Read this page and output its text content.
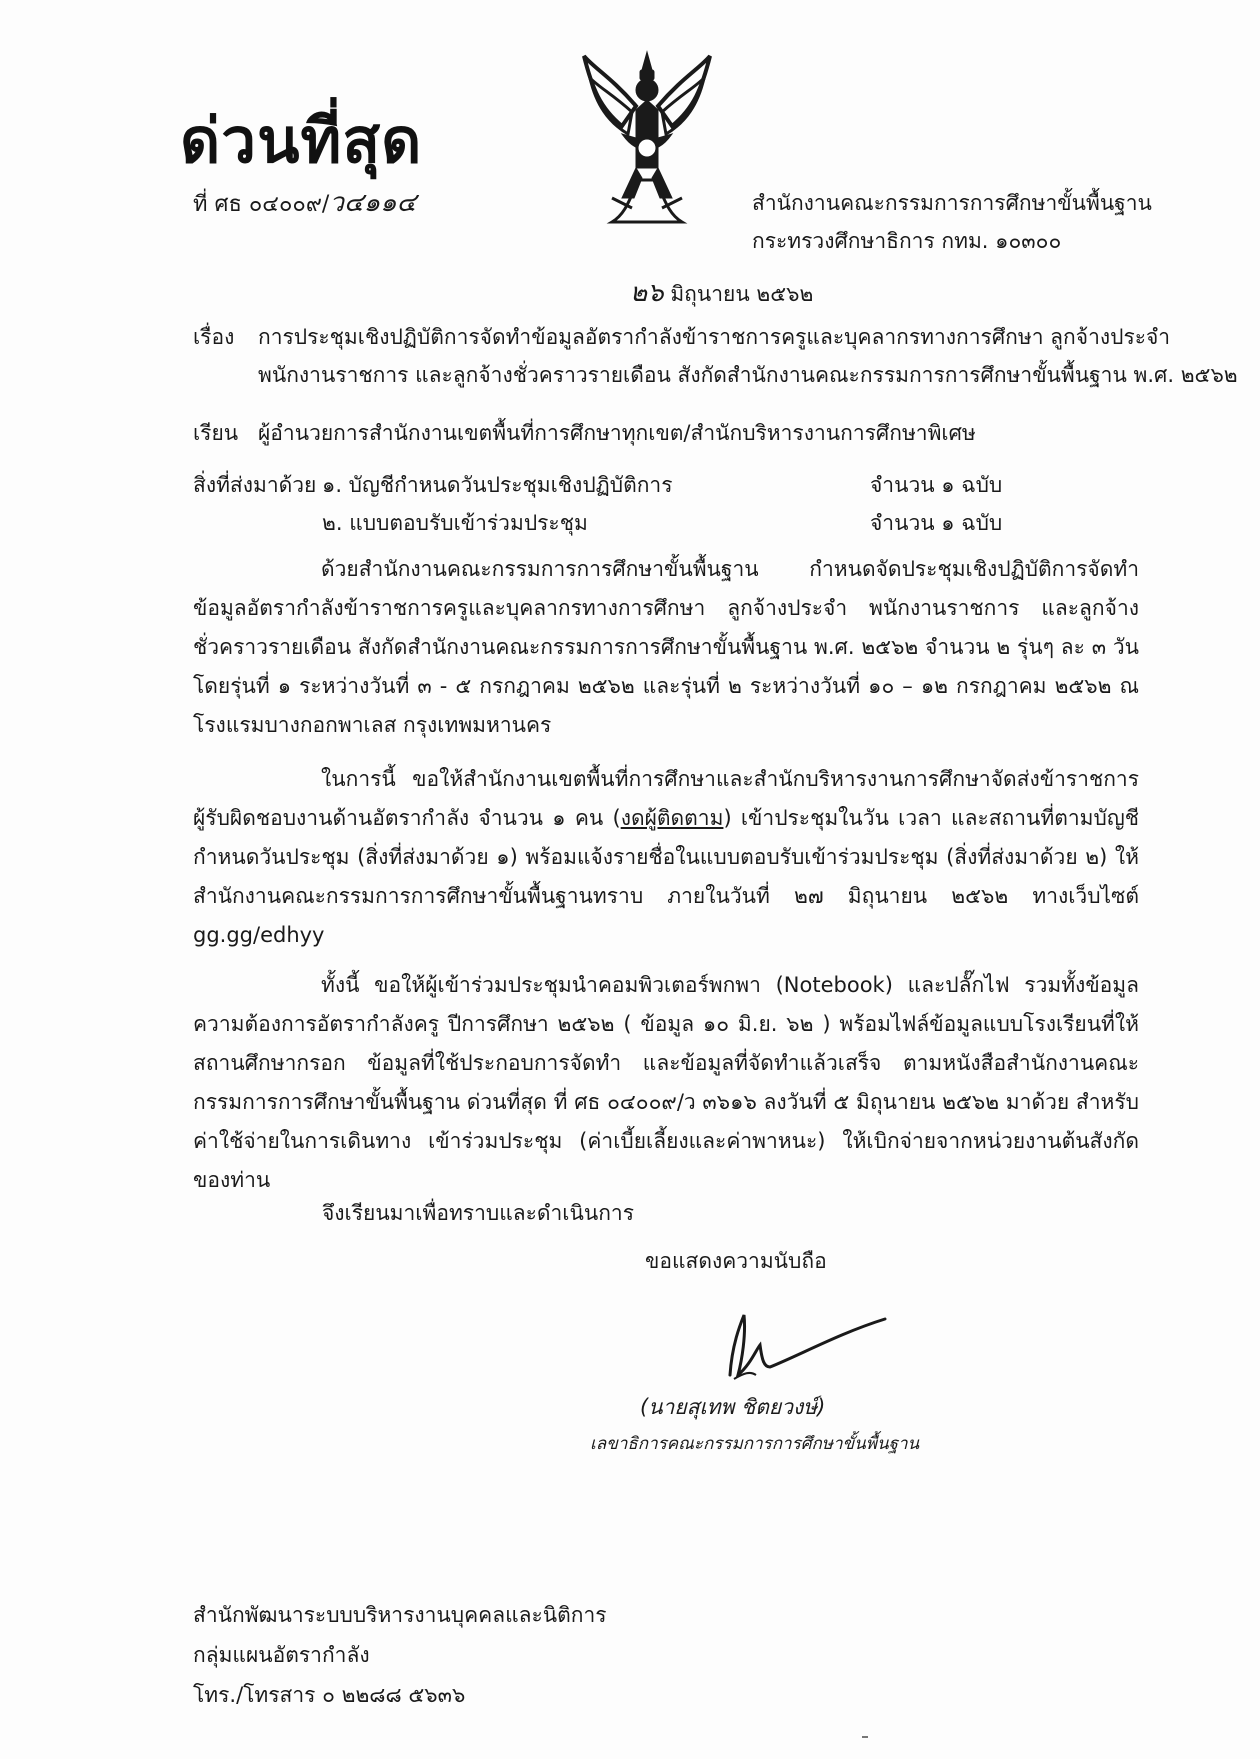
ด่วนที่สุด
ที่ ศธ ๐๔๐๐๙/ว๔๑๑๔	สำนักงานคณะกรรมการการศึกษาขั้นพื้นฐาน
กระทรวงศึกษาธิการ กทม. ๑๐๓๐๐
๒๖ มิถุนายน ๒๕๖๒
เรื่อง การประชุมเชิงปฏิบัติการจัดทำข้อมูลอัตรากำลังข้าราชการครูและบุคลากรทางการศึกษา ลูกจ้างประจำ
พนักงานราชการ และลูกจ้างชั่วคราวรายเดือน สังกัดสำนักงานคณะกรรมการการศึกษาขั้นพื้นฐาน พ.ศ. ๒๕๖๒
เรียน ผู้อำนวยการสำนักงานเขตพื้นที่การศึกษาทุกเขต/สำนักบริหารงานการศึกษาพิเศษ
สิ่งที่ส่งมาด้วย ๑. บัญชีกำหนดวันประชุมเชิงปฏิบัติการ	จำนวน ๑ ฉบับ
๒. แบบตอบรับเข้าร่วมประชุม	จำนวน ๑ ฉบับ

ด้วยสำนักงานคณะกรรมการการศึกษาขั้นพื้นฐาน กำหนดจัดประชุมเชิงปฏิบัติการจัดทำข้อมูลอัตรากำลังข้าราชการครูและบุคลากรทางการศึกษา ลูกจ้างประจำ พนักงานราชการ และลูกจ้างชั่วคราวรายเดือน สังกัดสำนักงานคณะกรรมการการศึกษาขั้นพื้นฐาน พ.ศ. ๒๕๖๒ จำนวน ๒ รุ่นๆ ละ ๓ วัน โดยรุ่นที่ ๑ ระหว่างวันที่ ๓ - ๕ กรกฎาคม ๒๕๖๒ และรุ่นที่ ๒ ระหว่างวันที่ ๑๐ – ๑๒ กรกฎาคม ๒๕๖๒ ณ โรงแรมบางกอกพาเลส กรุงเทพมหานคร

ในการนี้ ขอให้สำนักงานเขตพื้นที่การศึกษาและสำนักบริหารงานการศึกษาจัดส่งข้าราชการผู้รับผิดชอบงานด้านอัตรากำลัง จำนวน ๑ คน (งดผู้ติดตาม) เข้าประชุมในวัน เวลา และสถานที่ตามบัญชีกำหนดวันประชุม (สิ่งที่ส่งมาด้วย ๑) พร้อมแจ้งรายชื่อในแบบตอบรับเข้าร่วมประชุม (สิ่งที่ส่งมาด้วย ๒) ให้สำนักงานคณะกรรมการการศึกษาขั้นพื้นฐานทราบ ภายในวันที่ ๒๗ มิถุนายน ๒๕๖๒ ทางเว็บไซต์ gg.gg/edhyy

ทั้งนี้ ขอให้ผู้เข้าร่วมประชุมนำคอมพิวเตอร์พกพา (Notebook) และปลั๊กไฟ รวมทั้งข้อมูลความต้องการอัตรากำลังครู ปีการศึกษา ๒๕๖๒ ( ข้อมูล ๑๐ มิ.ย. ๖๒ ) พร้อมไฟล์ข้อมูลแบบโรงเรียนที่ให้สถานศึกษากรอก ข้อมูลที่ใช้ประกอบการจัดทำ และข้อมูลที่จัดทำแล้วเสร็จ ตามหนังสือสำนักงานคณะกรรมการการศึกษาขั้นพื้นฐาน ด่วนที่สุด ที่ ศธ ๐๔๐๐๙/ว ๓๖๑๖ ลงวันที่ ๕ มิถุนายน ๒๕๖๒ มาด้วย สำหรับค่าใช้จ่ายในการเดินทาง เข้าร่วมประชุม (ค่าเบี้ยเลี้ยงและค่าพาหนะ) ให้เบิกจ่ายจากหน่วยงานต้นสังกัดของท่าน

จึงเรียนมาเพื่อทราบและดำเนินการ
ขอแสดงความนับถือ
(นายสุเทพ ชิตยวงษ์)
เลขาธิการคณะกรรมการการศึกษาขั้นพื้นฐาน
สำนักพัฒนาระบบบริหารงานบุคคลและนิติการ
กลุ่มแผนอัตรากำลัง
โทร./โทรสาร ๐ ๒๒๘๘ ๕๖๓๖
